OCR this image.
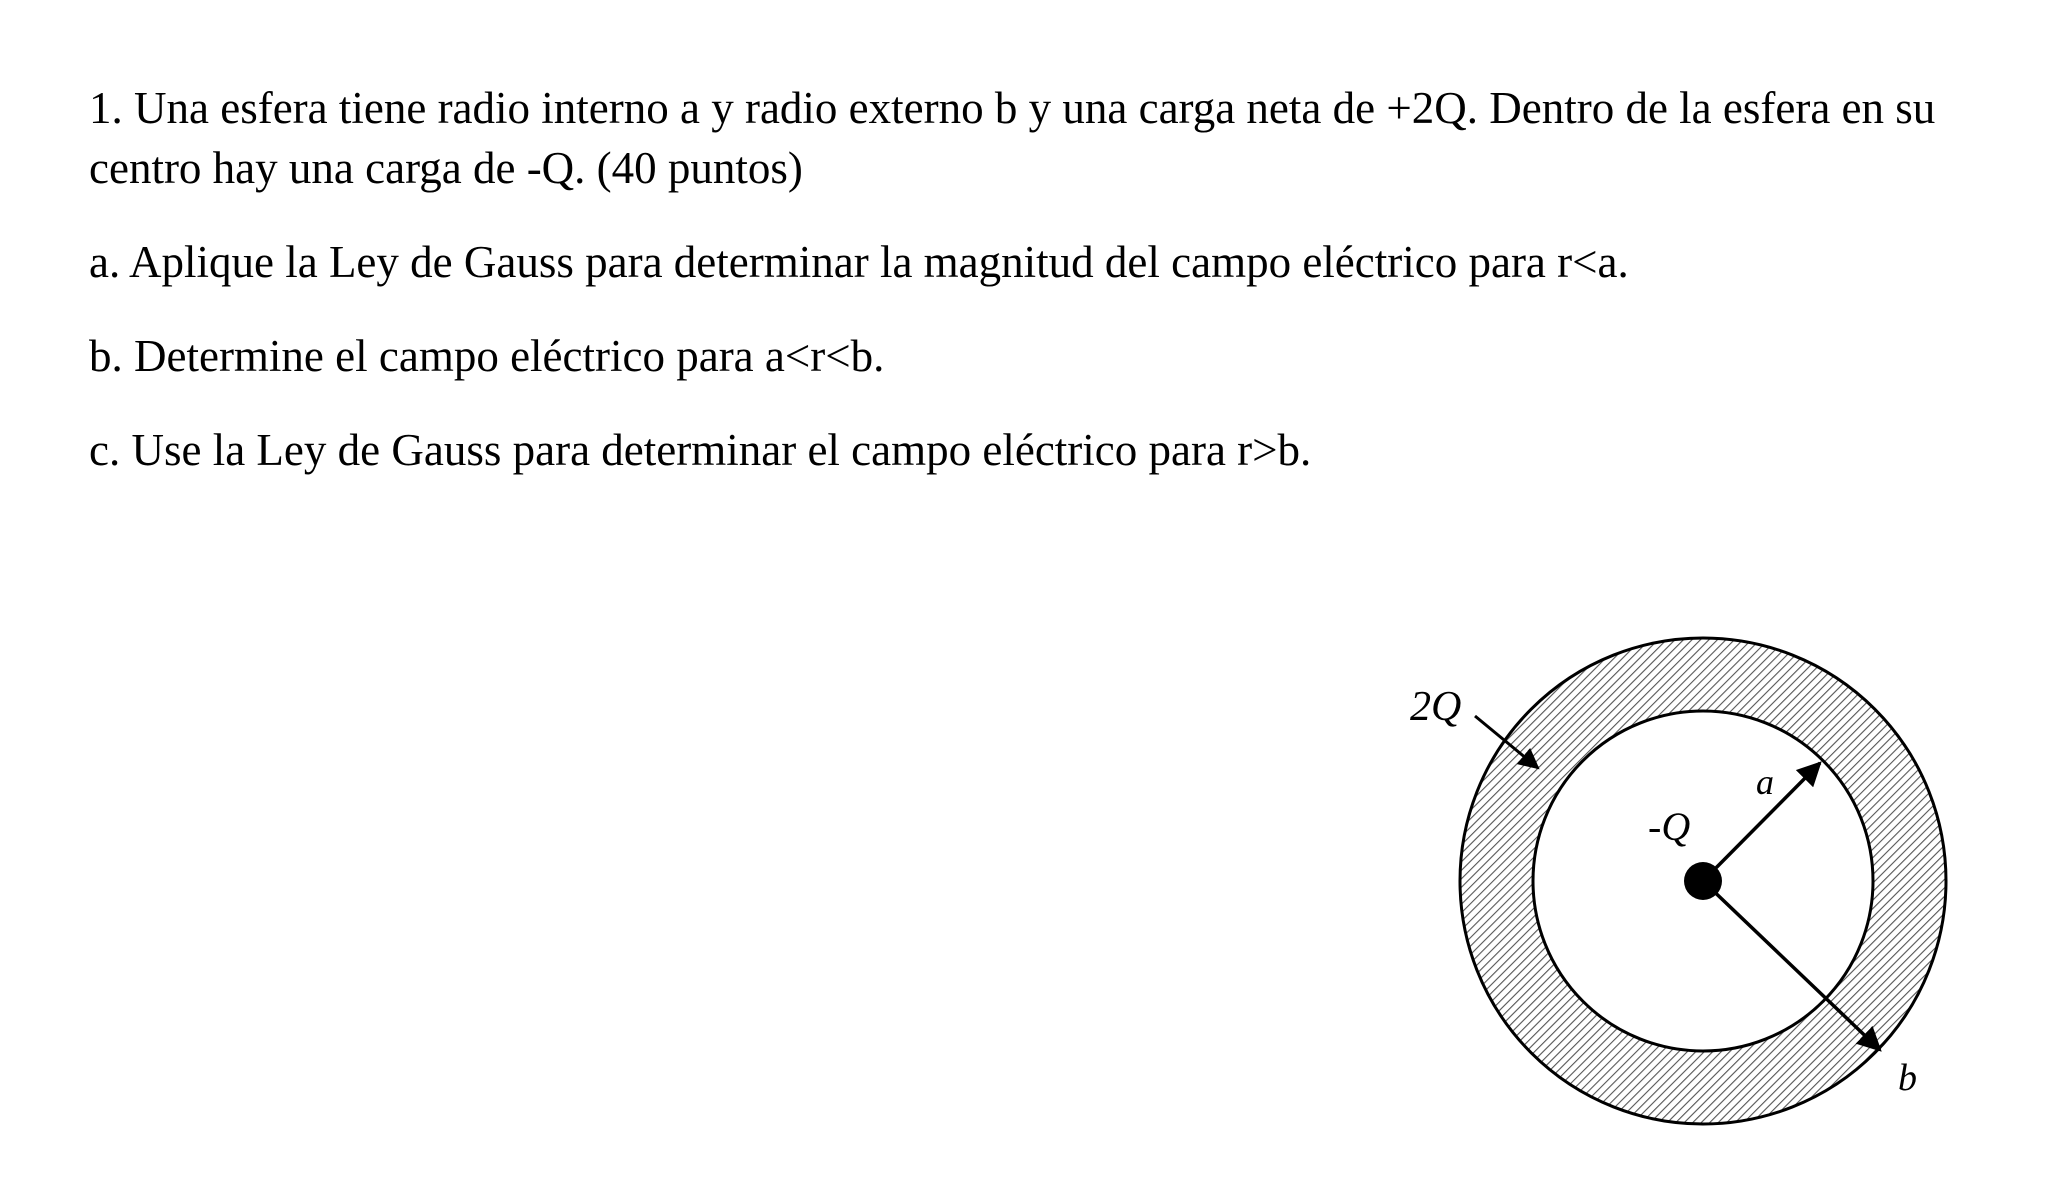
1. Una esfera tiene radio interno a y radio externo b y una carga neta de +2Q. Dentro de la esfera en su centro hay una carga de -Q. (40 puntos)

a. Aplique la Ley de Gauss para determinar la magnitud del campo eléctrico para r<a.

b. Determine el campo eléctrico para a<r<b.

c. Use la Ley de Gauss para determinar el campo eléctrico para r>b.

2Q
-Q
a
b
